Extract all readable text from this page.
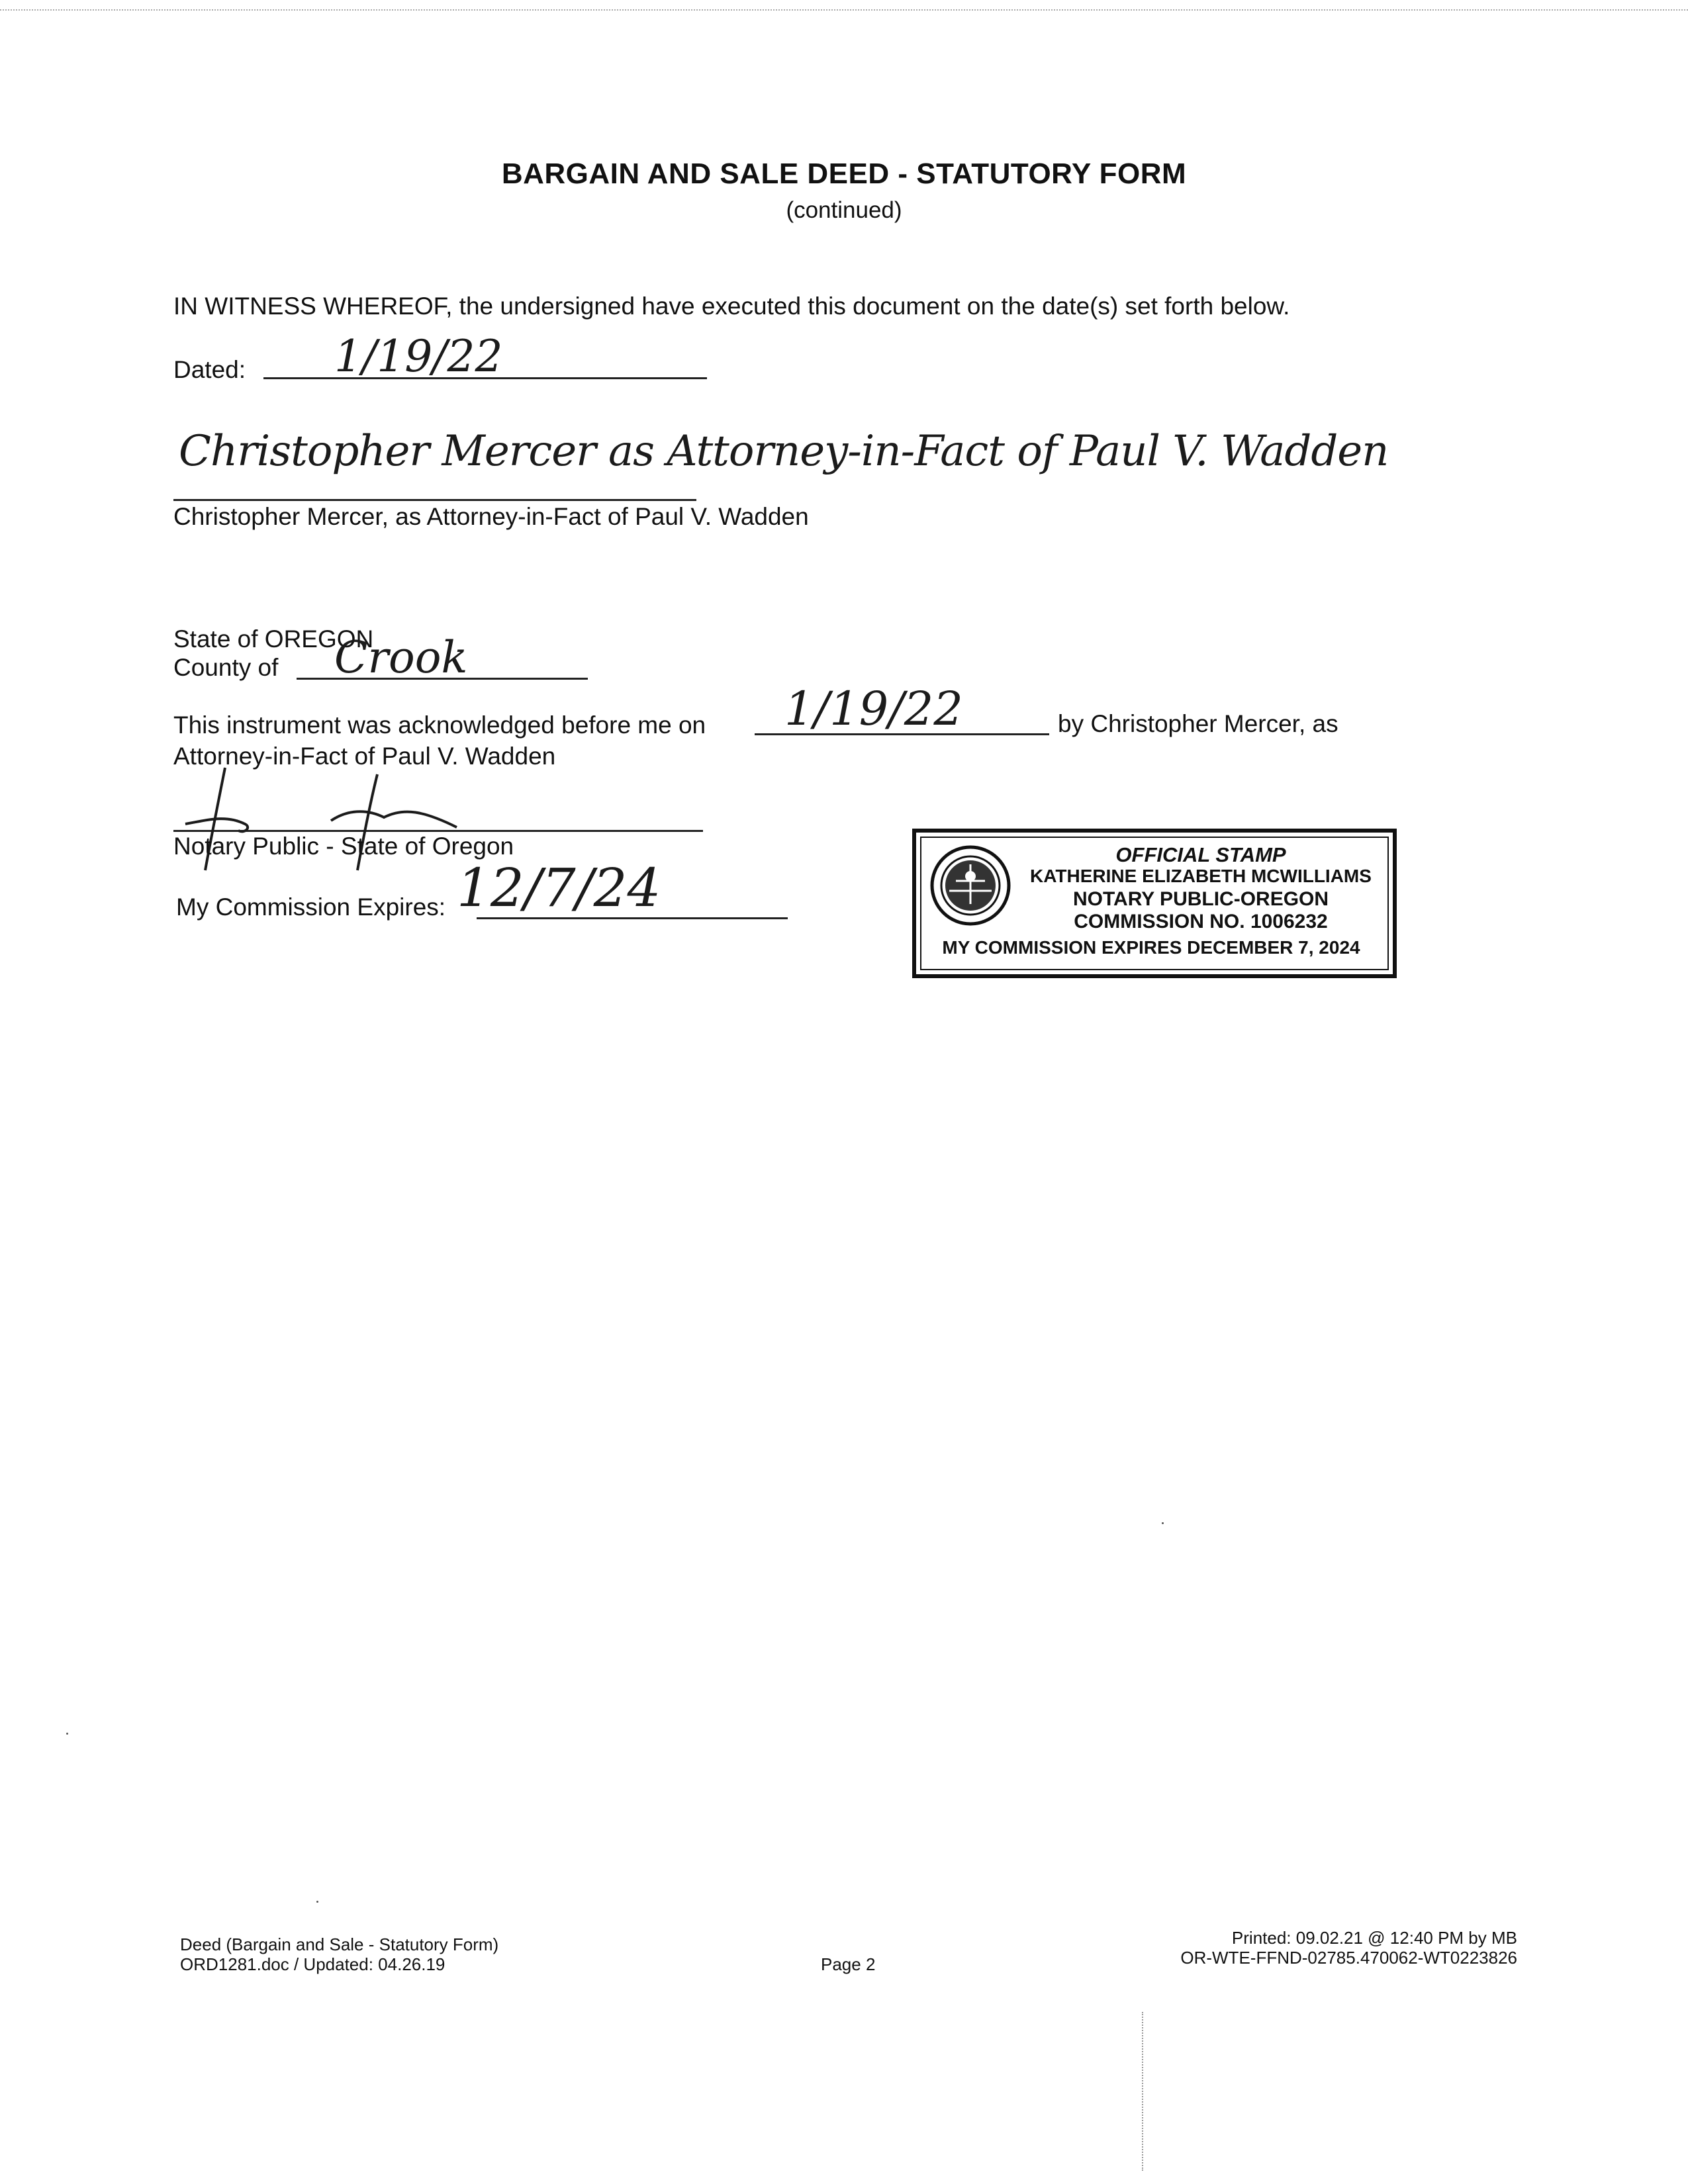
BARGAIN AND SALE DEED - STATUTORY FORM
(continued)
IN WITNESS WHEREOF, the undersigned have executed this document on the date(s) set forth below.
Dated: 1/19/22
Christopher Mercer as Attorney-in-Fact of Paul V. Wadden
Christopher Mercer, as Attorney-in-Fact of Paul V. Wadden
State of OREGON
County of Crook
This instrument was acknowledged before me on 1/19/22	by Christopher Mercer, as
Attorney-in-Fact of Paul V. Wadden
Notary Public - State of Oregon
My Commission Expires: 12/7/24
OFFICIAL STAMP
KATHERINE ELIZABETH MCWILLIAMS
NOTARY PUBLIC-OREGON
COMMISSION NO. 1006232
MY COMMISSION EXPIRES DECEMBER 7, 2024
Deed (Bargain and Sale - Statutory Form)
ORD1281.doc / Updated: 04.26.19	Page 2
Printed: 09.02.21 @ 12:40 PM by MB
OR-WTE-FFND-02785.470062-WT0223826
